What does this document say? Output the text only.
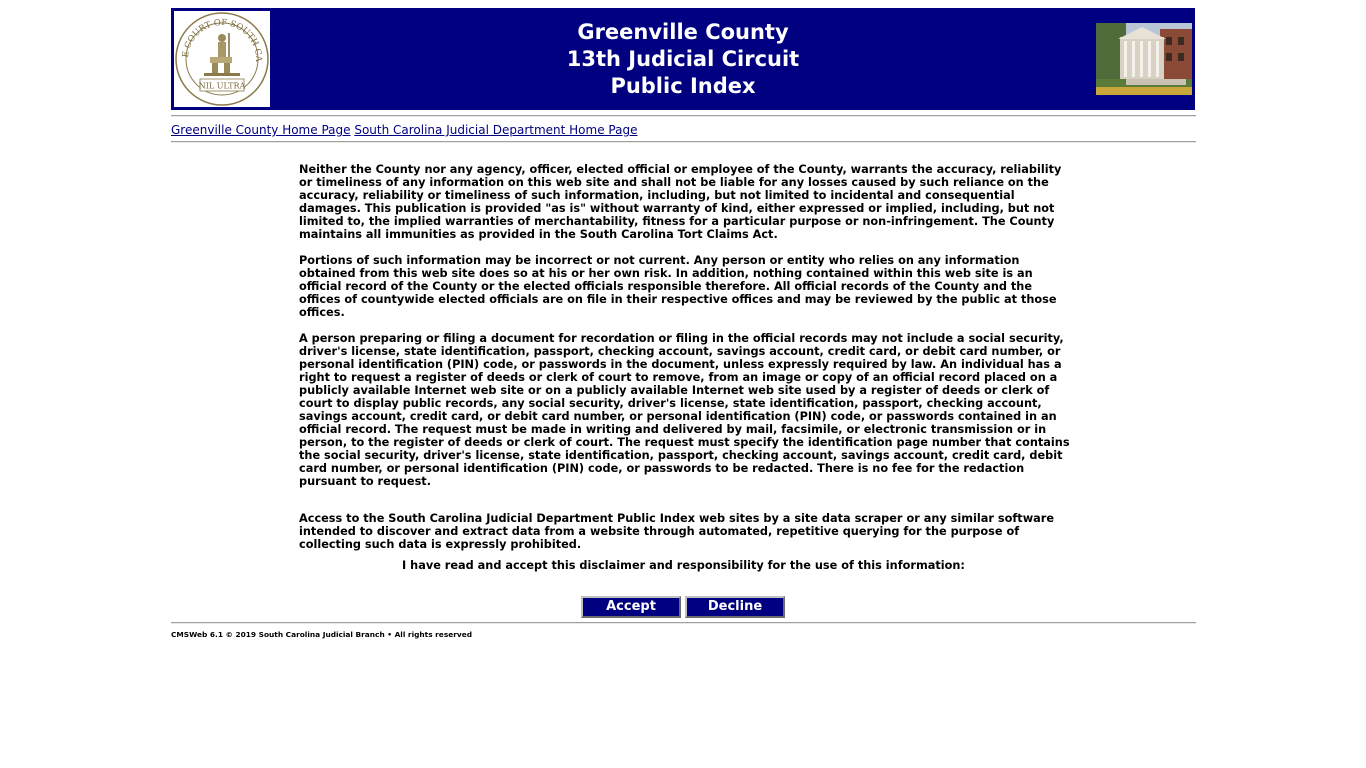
E COURT OF SOUTH CA
NIL ULTRA
Greenville County
13th Judicial Circuit
Public Index
Greenville County Home Page South Carolina Judicial Department Home Page

Neither the County nor any agency, officer, elected official or employee of the County, warrants the accuracy, reliability or timeliness of any information on this web site and shall not be liable for any losses caused by such reliance on the accuracy, reliability or timeliness of such information, including, but not limited to incidental and consequential damages. This publication is provided "as is" without warranty of kind, either expressed or implied, including, but not limited to, the implied warranties of merchantability, fitness for a particular purpose or non-infringement. The County maintains all immunities as provided in the South Carolina Tort Claims Act.

Portions of such information may be incorrect or not current. Any person or entity who relies on any information obtained from this web site does so at his or her own risk. In addition, nothing contained within this web site is an official record of the County or the elected officials responsible therefore. All official records of the County and the offices of countywide elected officials are on file in their respective offices and may be reviewed by the public at those offices.

A person preparing or filing a document for recordation or filing in the official records may not include a social security, driver's license, state identification, passport, checking account, savings account, credit card, or debit card number, or personal identification (PIN) code, or passwords in the document, unless expressly required by law. An individual has a right to request a register of deeds or clerk of court to remove, from an image or copy of an official record placed on a publicly available Internet web site or on a publicly available Internet web site used by a register of deeds or clerk of court to display public records, any social security, driver's license, state identification, passport, checking account, savings account, credit card, or debit card number, or personal identification (PIN) code, or passwords contained in an official record. The request must be made in writing and delivered by mail, facsimile, or electronic transmission or in person, to the register of deeds or clerk of court. The request must specify the identification page number that contains the social security, driver's license, state identification, passport, checking account, savings account, credit card, debit card number, or personal identification (PIN) code, or passwords to be redacted. There is no fee for the redaction pursuant to request.

Access to the South Carolina Judicial Department Public Index web sites by a site data scraper or any similar software intended to discover and extract data from a website through automated, repetitive querying for the purpose of collecting such data is expressly prohibited.

I have read and accept this disclaimer and responsibility for the use of this information:
Accept	Decline
CMSWeb 6.1 © 2019 South Carolina Judicial Branch • All rights reserved
